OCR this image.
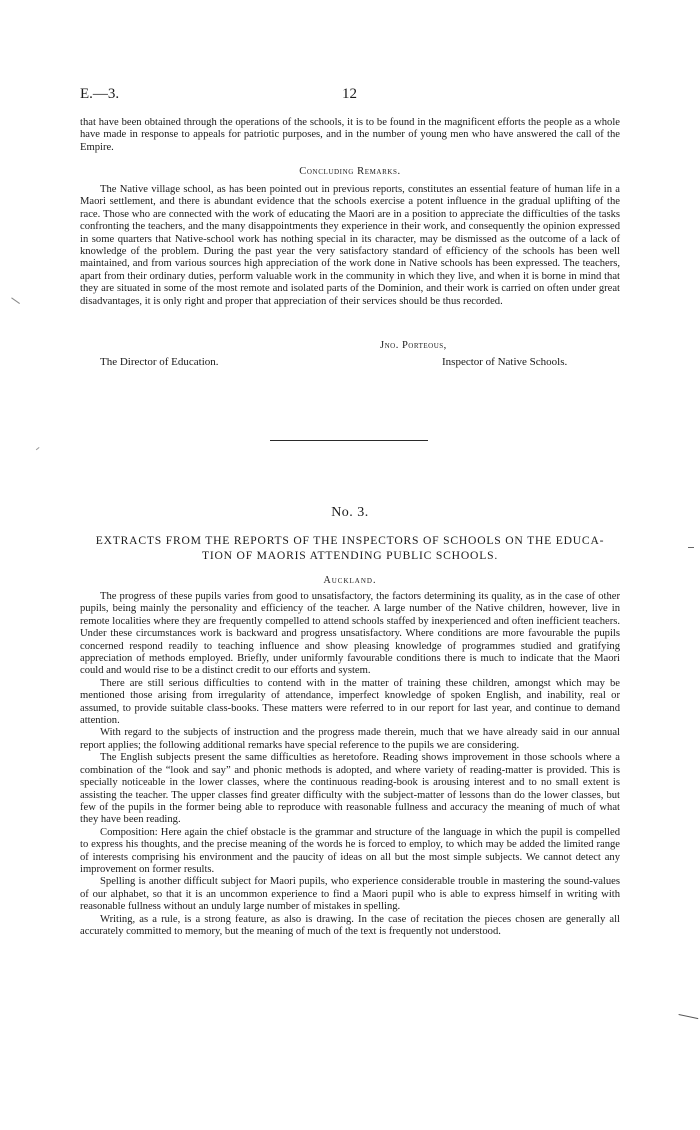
E.—3.	12

that have been obtained through the operations of the schools, it is to be found in the magnificent efforts the people as a whole have made in response to appeals for patriotic purposes, and in the number of young men who have answered the call of the Empire.

Concluding Remarks.

The Native village school, as has been pointed out in previous reports, constitutes an essential feature of human life in a Maori settlement, and there is abundant evidence that the schools exercise a potent influence in the gradual uplifting of the race. Those who are connected with the work of educating the Maori are in a position to appreciate the difficulties of the tasks confronting the teachers, and the many disappointments they experience in their work, and consequently the opinion expressed in some quarters that Native-school work has nothing special in its character, may be dismissed as the outcome of a lack of knowledge of the problem. During the past year the very satisfactory standard of efficiency of the schools has been well maintained, and from various sources high appreciation of the work done in Native schools has been expressed. The teachers, apart from their ordinary duties, perform valuable work in the community in which they live, and when it is borne in mind that they are situated in some of the most remote and isolated parts of the Dominion, and their work is carried on often under great disadvantages, it is only right and proper that appreciation of their services should be thus recorded.

Jno. Porteous,
The Director of Education.	Inspector of Native Schools.
No. 3.
EXTRACTS FROM THE REPORTS OF THE INSPECTORS OF SCHOOLS ON THE EDUCA-
TION OF MAORIS ATTENDING PUBLIC SCHOOLS.
Auckland.

The progress of these pupils varies from good to unsatisfactory, the factors determining its quality, as in the case of other pupils, being mainly the personality and efficiency of the teacher. A large number of the Native children, however, live in remote localities where they are frequently compelled to attend schools staffed by inexperienced and often inefficient teachers. Under these circumstances work is backward and progress unsatisfactory. Where conditions are more favourable the pupils concerned respond readily to teaching influence and show pleasing knowledge of programmes studied and gratifying appreciation of methods employed. Briefly, under uniformly favourable conditions there is much to indicate that the Maori could and would rise to be a distinct credit to our efforts and system.

There are still serious difficulties to contend with in the matter of training these children, amongst which may be mentioned those arising from irregularity of attendance, imperfect knowledge of spoken English, and inability, real or assumed, to provide suitable class-books. These matters were referred to in our report for last year, and continue to demand attention.

With regard to the subjects of instruction and the progress made therein, much that we have already said in our annual report applies; the following additional remarks have special reference to the pupils we are considering.

The English subjects present the same difficulties as heretofore. Reading shows improvement in those schools where a combination of the “look and say” and phonic methods is adopted, and where variety of reading-matter is provided. This is specially noticeable in the lower classes, where the continuous reading-book is arousing interest and to no small extent is assisting the teacher. The upper classes find greater difficulty with the subject-matter of lessons than do the lower classes, but few of the pupils in the former being able to reproduce with reasonable fullness and accuracy the meaning of much of what they have been reading.

Composition: Here again the chief obstacle is the grammar and structure of the language in which the pupil is compelled to express his thoughts, and the precise meaning of the words he is forced to employ, to which may be added the limited range of interests comprising his environment and the paucity of ideas on all but the most simple subjects. We cannot detect any improvement on former results.

Spelling is another difficult subject for Maori pupils, who experience considerable trouble in mastering the sound-values of our alphabet, so that it is an uncommon experience to find a Maori pupil who is able to express himself in writing with reasonable fullness without an unduly large number of mistakes in spelling.

Writing, as a rule, is a strong feature, as also is drawing. In the case of recitation the pieces chosen are generally all accurately committed to memory, but the meaning of much of the text is frequently not understood.
